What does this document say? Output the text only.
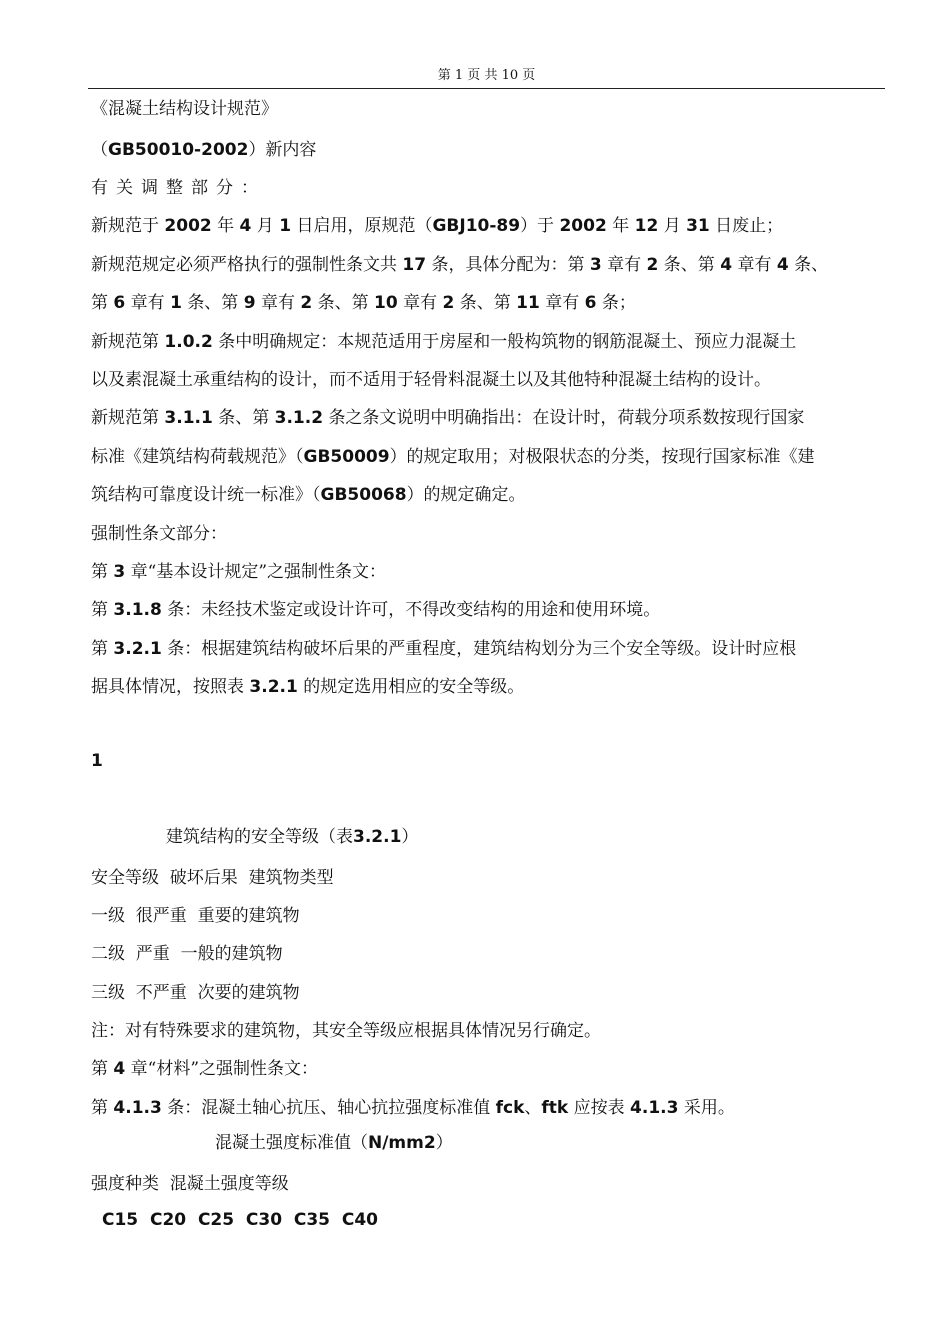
第 1 页 共 10 页
《混凝土结构设计规范》
（GB50010-2002）新内容
有关调整部分：
新规范于 2002 年 4 月 1 日启用，原规范（GBJ10-89）于 2002 年 12 月 31 日废止；
新规范规定必须严格执行的强制性条文共 17 条，具体分配为：第 3 章有 2 条、第 4 章有 4 条、
第 6 章有 1 条、第 9 章有 2 条、第 10 章有 2 条、第 11 章有 6 条；
新规范第 1.0.2 条中明确规定：本规范适用于房屋和一般构筑物的钢筋混凝土、预应力混凝土
以及素混凝土承重结构的设计，而不适用于轻骨料混凝土以及其他特种混凝土结构的设计。
新规范第 3.1.1 条、第 3.1.2 条之条文说明中明确指出：在设计时，荷载分项系数按现行国家
标准《建筑结构荷载规范》（GB50009）的规定取用；对极限状态的分类，按现行国家标准《建
筑结构可靠度设计统一标准》（GB50068）的规定确定。
强制性条文部分：
第 3 章“基本设计规定”之强制性条文：
第 3.1.8 条：未经技术鉴定或设计许可，不得改变结构的用途和使用环境。
第 3.2.1 条：根据建筑结构破坏后果的严重程度，建筑结构划分为三个安全等级。设计时应根
据具体情况，按照表 3.2.1 的规定选用相应的安全等级。
1
建筑结构的安全等级（表3.2.1）
安全等级  破坏后果  建筑物类型
一级  很严重  重要的建筑物
二级  严重  一般的建筑物
三级  不严重  次要的建筑物
注：对有特殊要求的建筑物，其安全等级应根据具体情况另行确定。
第 4 章“材料”之强制性条文：
第 4.1.3 条：混凝土轴心抗压、轴心抗拉强度标准值 fck、ftk 应按表 4.1.3 采用。
混凝土强度标准值（N/mm2）
强度种类  混凝土强度等级
C15  C20  C25  C30  C35  C40
